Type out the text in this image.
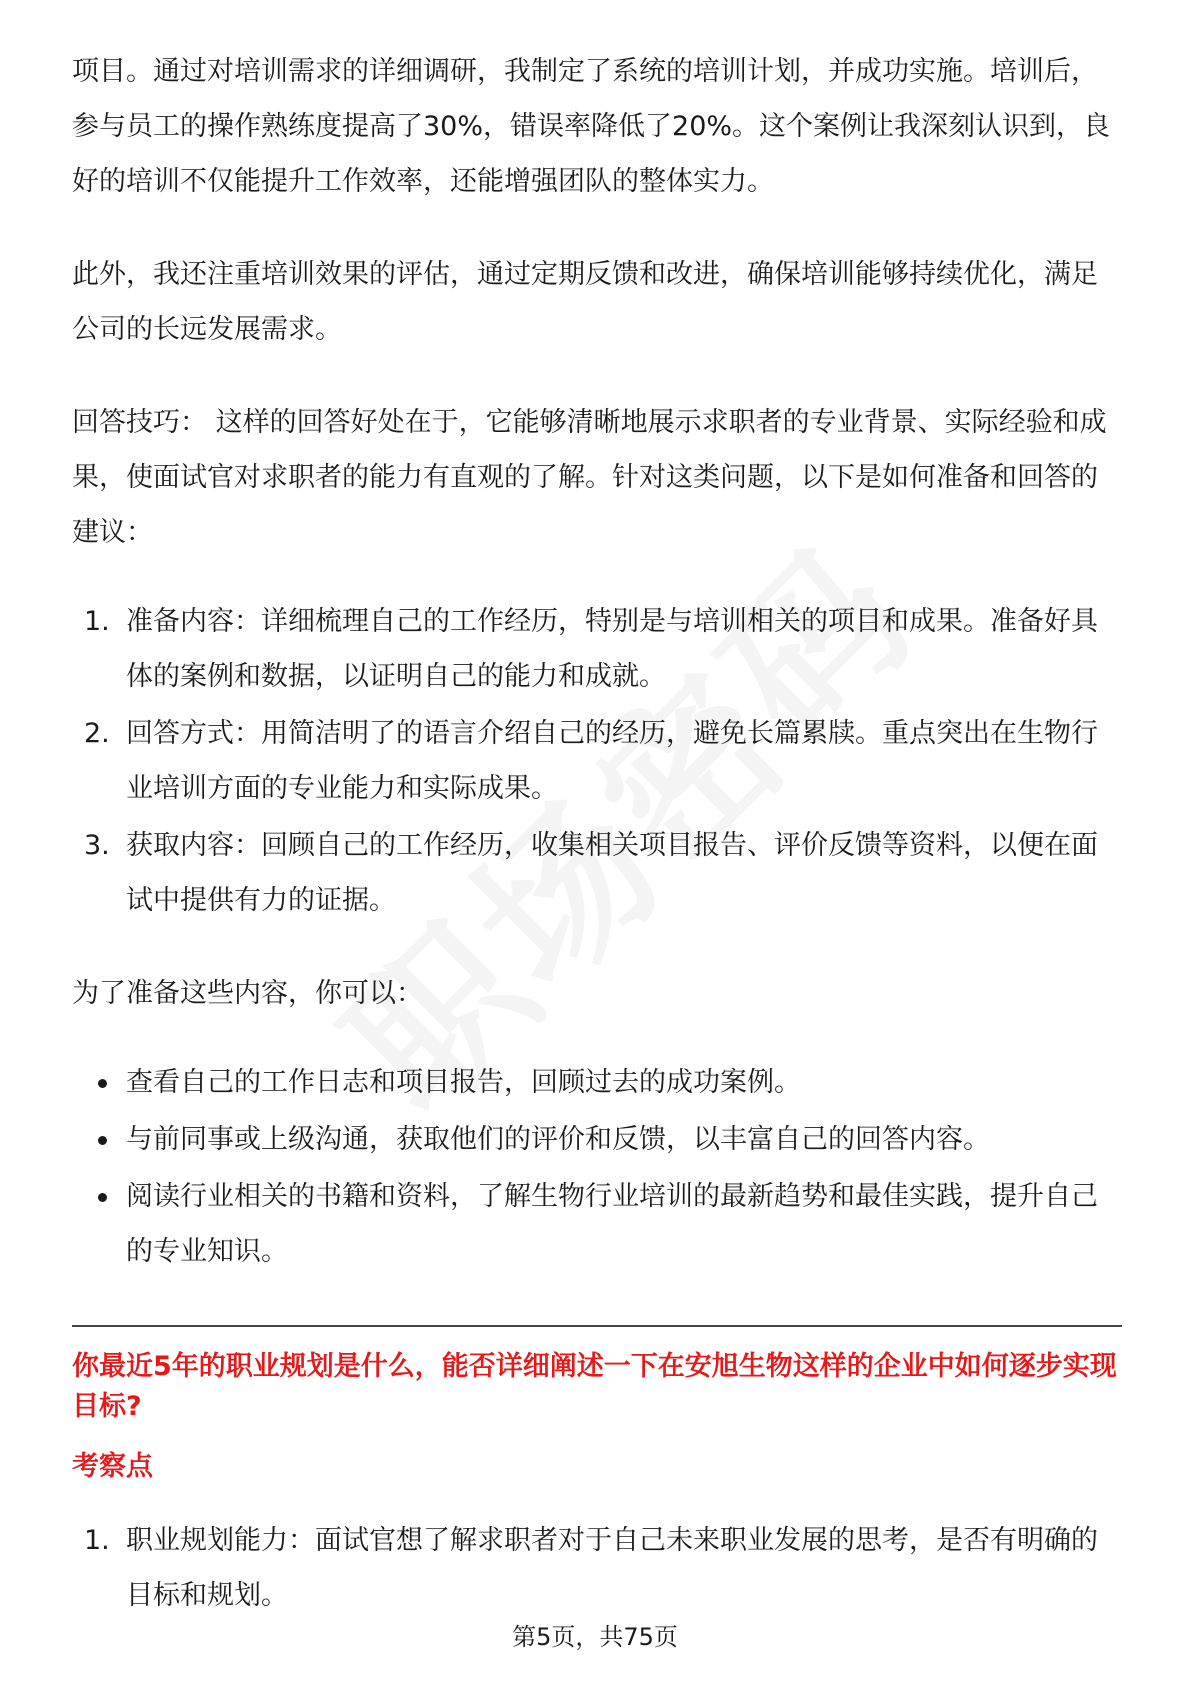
项目。通过对培训需求的详细调研，我制定了系统的培训计划，并成功实施。培训后，参与员工的操作熟练度提高了30%，错误率降低了20%。这个案例让我深刻认识到，良好的培训不仅能提升工作效率，还能增强团队的整体实力。

此外，我还注重培训效果的评估，通过定期反馈和改进，确保培训能够持续优化，满足公司的长远发展需求。

回答技巧： 这样的回答好处在于，它能够清晰地展示求职者的专业背景、实际经验和成果，使面试官对求职者的能力有直观的了解。针对这类问题，以下是如何准备和回答的建议：

1. 准备内容：详细梳理自己的工作经历，特别是与培训相关的项目和成果。准备好具体的案例和数据，以证明自己的能力和成就。
2. 回答方式：用简洁明了的语言介绍自己的经历，避免长篇累牍。重点突出在生物行业培训方面的专业能力和实际成果。
3. 获取内容：回顾自己的工作经历，收集相关项目报告、评价反馈等资料，以便在面试中提供有力的证据。

为了准备这些内容，你可以：

查看自己的工作日志和项目报告，回顾过去的成功案例。
与前同事或上级沟通，获取他们的评价和反馈，以丰富自己的回答内容。
阅读行业相关的书籍和资料，了解生物行业培训的最新趋势和最佳实践，提升自己的专业知识。
你最近5年的职业规划是什么，能否详细阐述一下在安旭生物这样的企业中如何逐步实现目标?
考察点
1. 职业规划能力：面试官想了解求职者对于自己未来职业发展的思考，是否有明确的目标和规划。
第5页，共75页
